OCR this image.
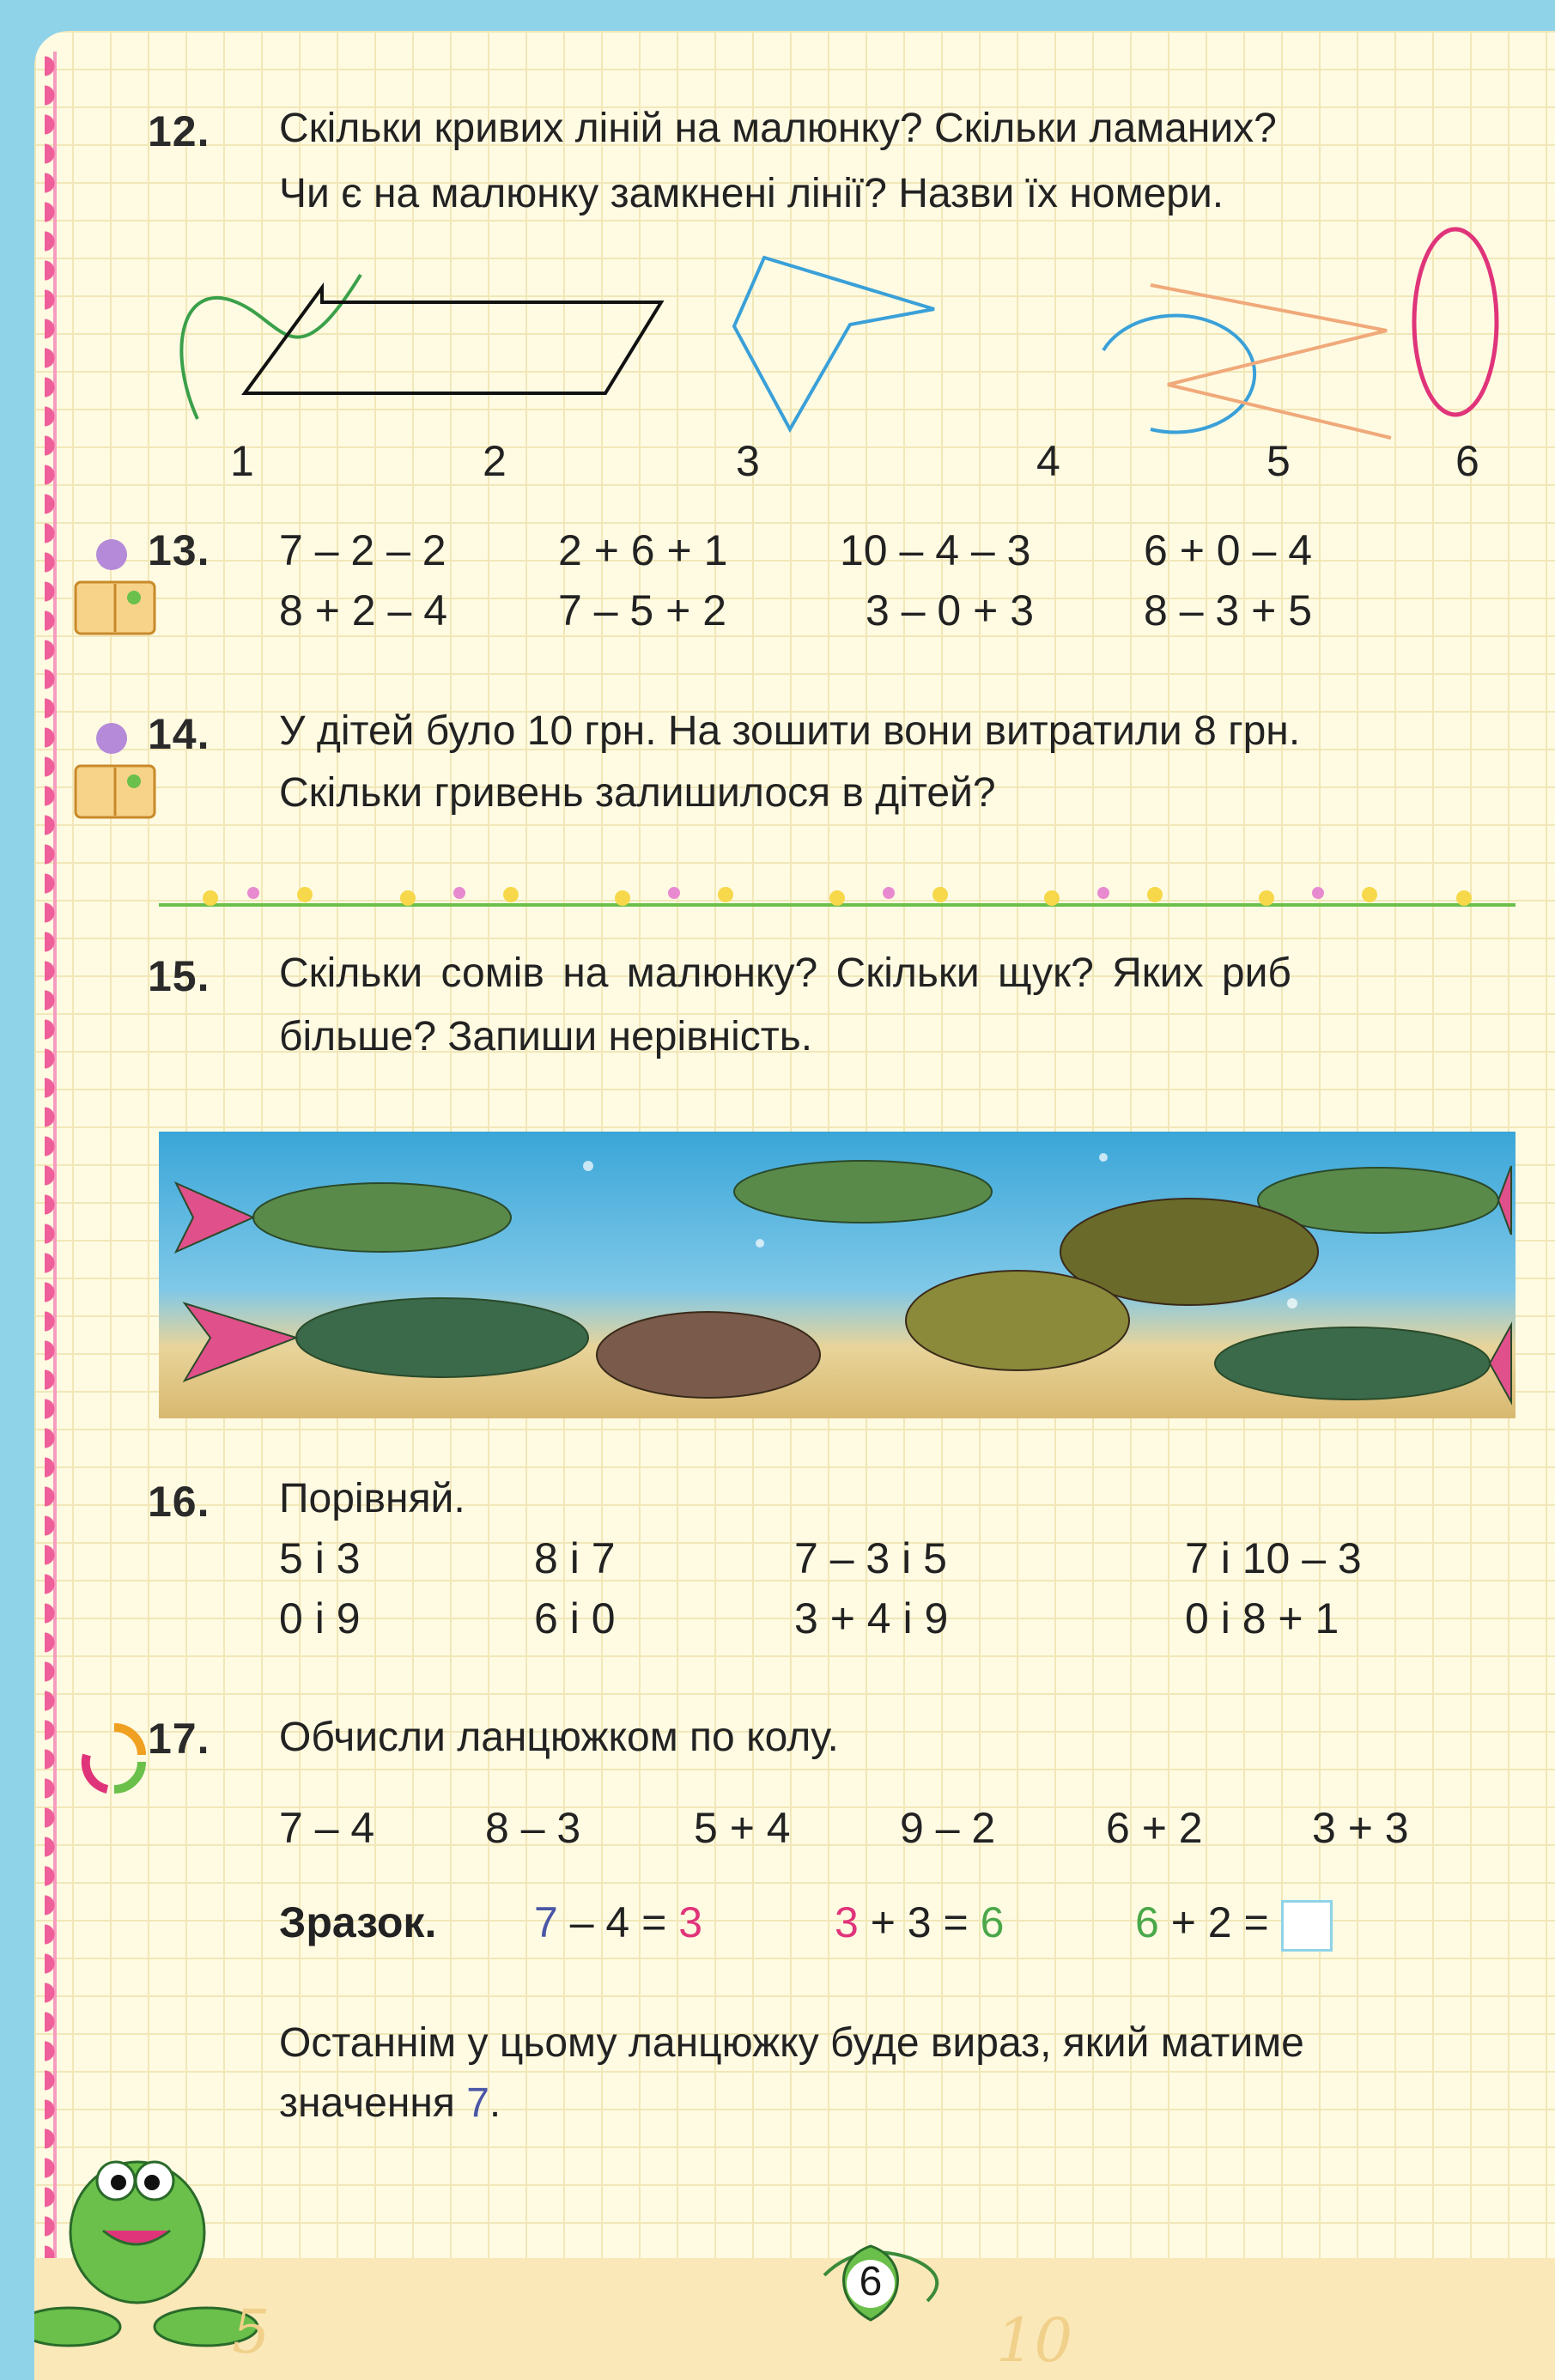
12. Скільки кривих ліній на малюнку? Скільки ламаних?
Чи є на малюнку замкнені лінії? Назви їх номери.
1	2	3	4	5	6
13. 7 – 2 – 2	2 + 6 + 1	10 – 4 – 3	6 + 0 – 4
8 + 2 – 4	7 – 5 + 2	3 – 0 + 3	8 – 3 + 5
14. У дітей було 10 грн. На зошити вони витратили 8 грн.
Скільки гривень залишилося в дітей?
15. Скільки сомів на малюнку? Скільки щук? Яких риб
більше? Запиши нерівність.
16. Порівняй.
5 і 3	8 і 7	7 – 3 і 5	7 і 10 – 3
0 і 9	6 і 0	3 + 4 і 9	0 і 8 + 1
17. Обчисли ланцюжком по колу.
7 – 4	8 – 3	5 + 4	9 – 2	6 + 2	3 + 3
Зразок. 7 – 4 = 3	3 + 3 = 6	6 + 2 =
Останнім у цьому ланцюжку буде вираз, який матиме
значення 7.
5	10
6
